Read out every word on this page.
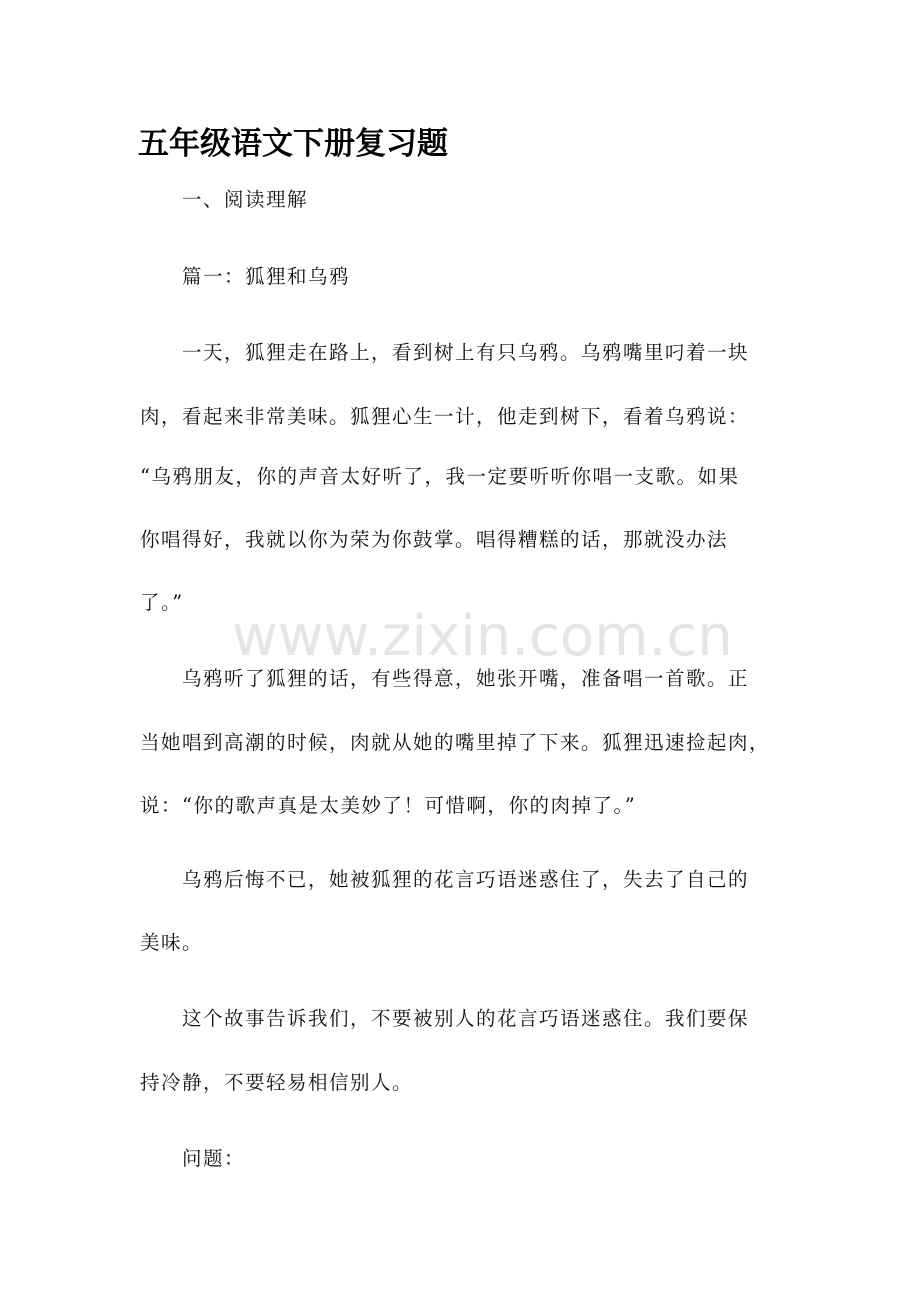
五年级语文下册复习题
一、阅读理解
篇一：狐狸和乌鸦
一天，狐狸走在路上，看到树上有只乌鸦。乌鸦嘴里叼着一块
肉，看起来非常美味。狐狸心生一计，他走到树下，看着乌鸦说：
“乌鸦朋友，你的声音太好听了，我一定要听听你唱一支歌。如果
你唱得好，我就以你为荣为你鼓掌。唱得糟糕的话，那就没办法
了。”
乌鸦听了狐狸的话，有些得意，她张开嘴，准备唱一首歌。正
当她唱到高潮的时候，肉就从她的嘴里掉了下来。狐狸迅速捡起肉，
说：“你的歌声真是太美妙了！可惜啊，你的肉掉了。”
乌鸦后悔不已，她被狐狸的花言巧语迷惑住了，失去了自己的
美味。
这个故事告诉我们，不要被别人的花言巧语迷惑住。我们要保
持冷静，不要轻易相信别人。
问题：
www.zixin.com.cn
